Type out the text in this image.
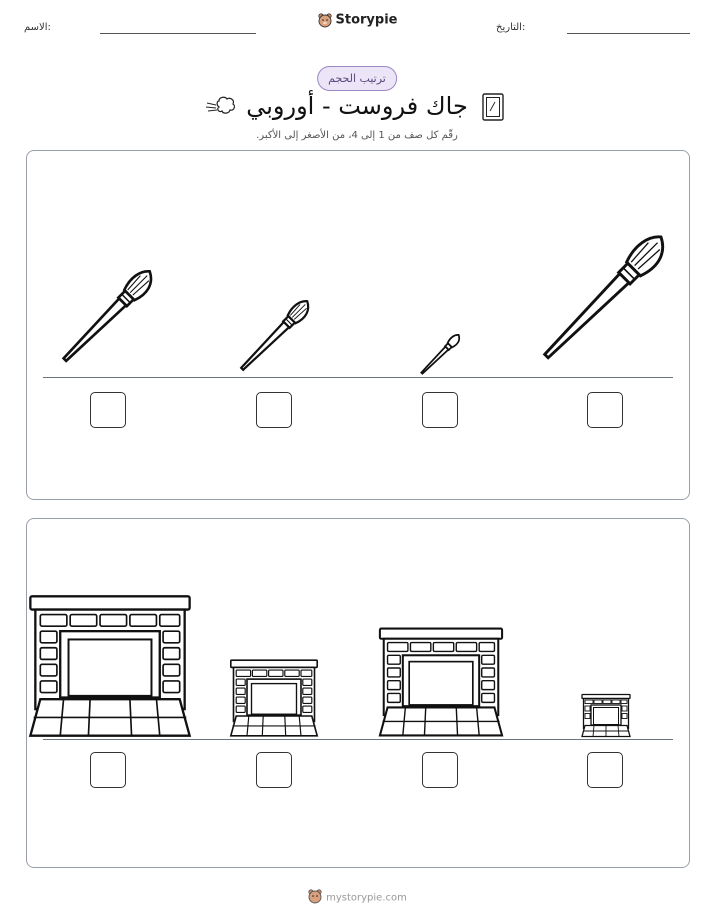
الاسم:	Storypie	التاريخ:
ترتيب الحجم
جاك فروست - أوروبي
رقّم كل صف من 1 إلى 4، من الأصغر إلى الأكبر.
mystorypie.com
